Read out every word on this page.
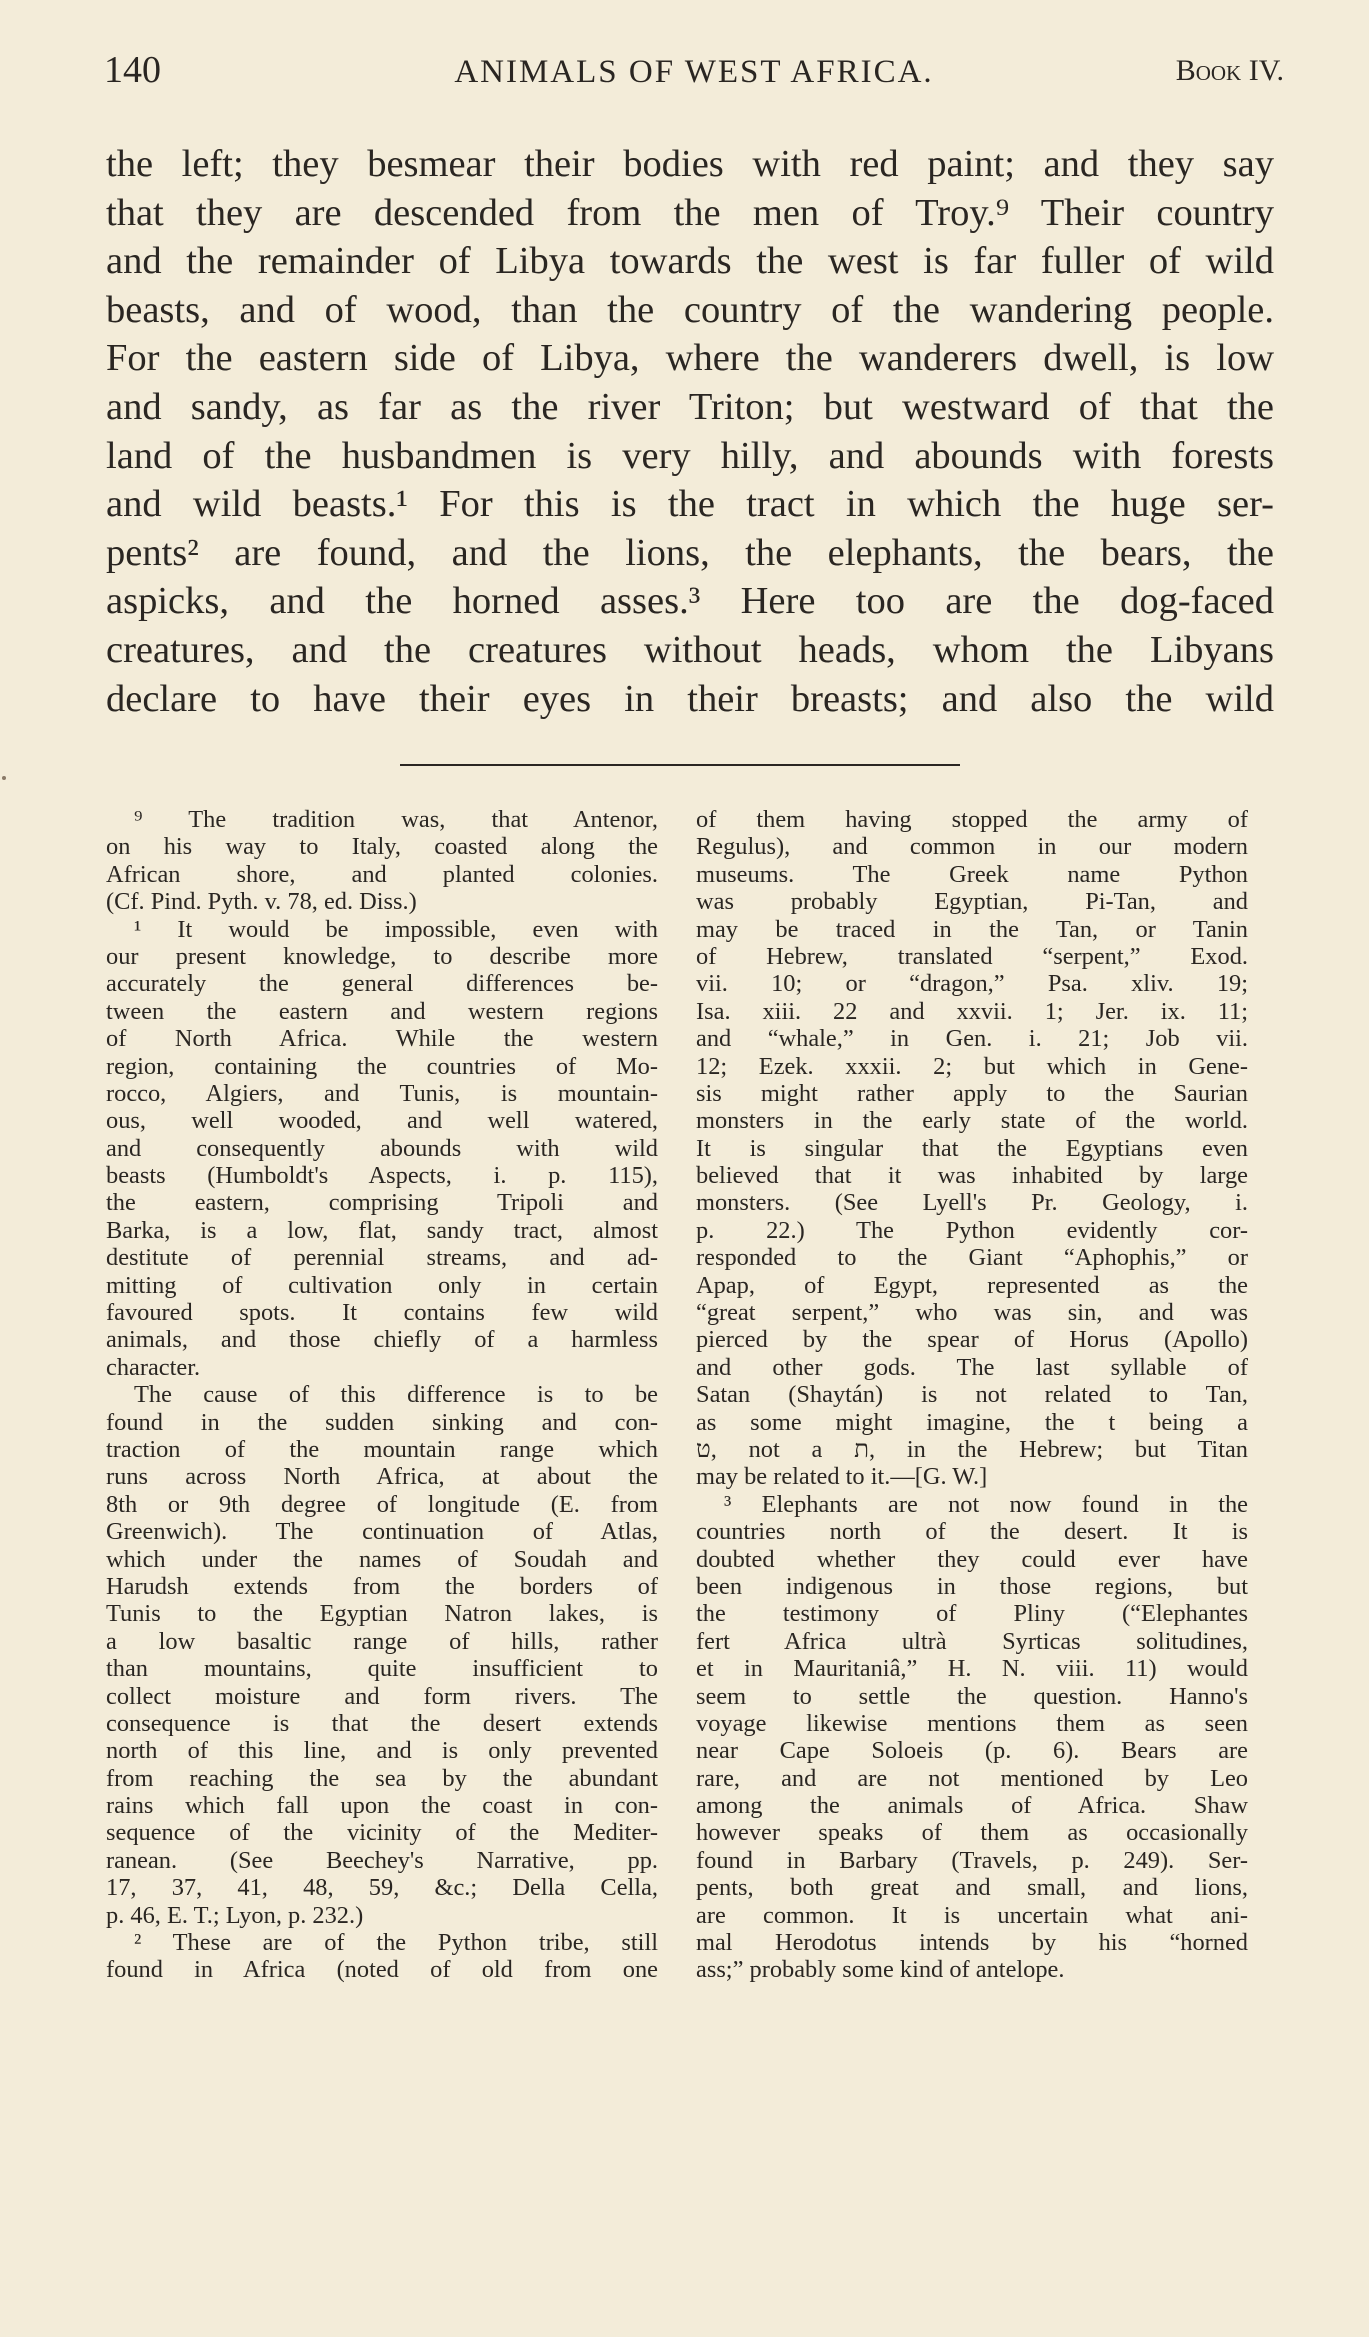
140	ANIMALS OF WEST AFRICA.	Book IV.
the left; they besmear their bodies with red paint; and they say
that they are descended from the men of Troy.⁹ Their country
and the remainder of Libya towards the west is far fuller of wild
beasts, and of wood, than the country of the wandering people.
For the eastern side of Libya, where the wanderers dwell, is low
and sandy, as far as the river Triton; but westward of that the
land of the husbandmen is very hilly, and abounds with forests
and wild beasts.¹ For this is the tract in which the huge ser-
pents² are found, and the lions, the elephants, the bears, the
aspicks, and the horned asses.³ Here too are the dog-faced
creatures, and the creatures without heads, whom the Libyans
declare to have their eyes in their breasts; and also the wild
⁹ The tradition was, that Antenor,
on his way to Italy, coasted along the
African shore, and planted colonies.
(Cf. Pind. Pyth. v. 78, ed. Diss.)
¹ It would be impossible, even with
our present knowledge, to describe more
accurately the general differences be-
tween the eastern and western regions
of North Africa. While the western
region, containing the countries of Mo-
rocco, Algiers, and Tunis, is mountain-
ous, well wooded, and well watered,
and consequently abounds with wild
beasts (Humboldt's Aspects, i. p. 115),
the eastern, comprising Tripoli and
Barka, is a low, flat, sandy tract, almost
destitute of perennial streams, and ad-
mitting of cultivation only in certain
favoured spots. It contains few wild
animals, and those chiefly of a harmless
character.
The cause of this difference is to be
found in the sudden sinking and con-
traction of the mountain range which
runs across North Africa, at about the
8th or 9th degree of longitude (E. from
Greenwich). The continuation of Atlas,
which under the names of Soudah and
Harudsh extends from the borders of
Tunis to the Egyptian Natron lakes, is
a low basaltic range of hills, rather
than mountains, quite insufficient to
collect moisture and form rivers. The
consequence is that the desert extends
north of this line, and is only prevented
from reaching the sea by the abundant
rains which fall upon the coast in con-
sequence of the vicinity of the Mediter-
ranean. (See Beechey's Narrative, pp.
17, 37, 41, 48, 59, &c.; Della Cella,
p. 46, E. T.; Lyon, p. 232.)
² These are of the Python tribe, still
found in Africa (noted of old from one
of them having stopped the army of
Regulus), and common in our modern
museums. The Greek name Python
was probably Egyptian, Pi-Tan, and
may be traced in the Tan, or Tanin
of Hebrew, translated “serpent,” Exod.
vii. 10; or “dragon,” Psa. xliv. 19;
Isa. xiii. 22 and xxvii. 1; Jer. ix. 11;
and “whale,” in Gen. i. 21; Job vii.
12; Ezek. xxxii. 2; but which in Gene-
sis might rather apply to the Saurian
monsters in the early state of the world.
It is singular that the Egyptians even
believed that it was inhabited by large
monsters. (See Lyell's Pr. Geology, i.
p. 22.) The Python evidently cor-
responded to the Giant “Aphophis,” or
Apap, of Egypt, represented as the
“great serpent,” who was sin, and was
pierced by the spear of Horus (Apollo)
and other gods. The last syllable of
Satan (Shaytán) is not related to Tan,
as some might imagine, the t being a
ט, not a ת, in the Hebrew; but Titan
may be related to it.—[G. W.]
³ Elephants are not now found in the
countries north of the desert. It is
doubted whether they could ever have
been indigenous in those regions, but
the testimony of Pliny (“Elephantes
fert Africa ultrà Syrticas solitudines,
et in Mauritaniâ,” H. N. viii. 11) would
seem to settle the question. Hanno's
voyage likewise mentions them as seen
near Cape Soloeis (p. 6). Bears are
rare, and are not mentioned by Leo
among the animals of Africa. Shaw
however speaks of them as occasionally
found in Barbary (Travels, p. 249). Ser-
pents, both great and small, and lions,
are common. It is uncertain what ani-
mal Herodotus intends by his “horned
ass;” probably some kind of antelope.
